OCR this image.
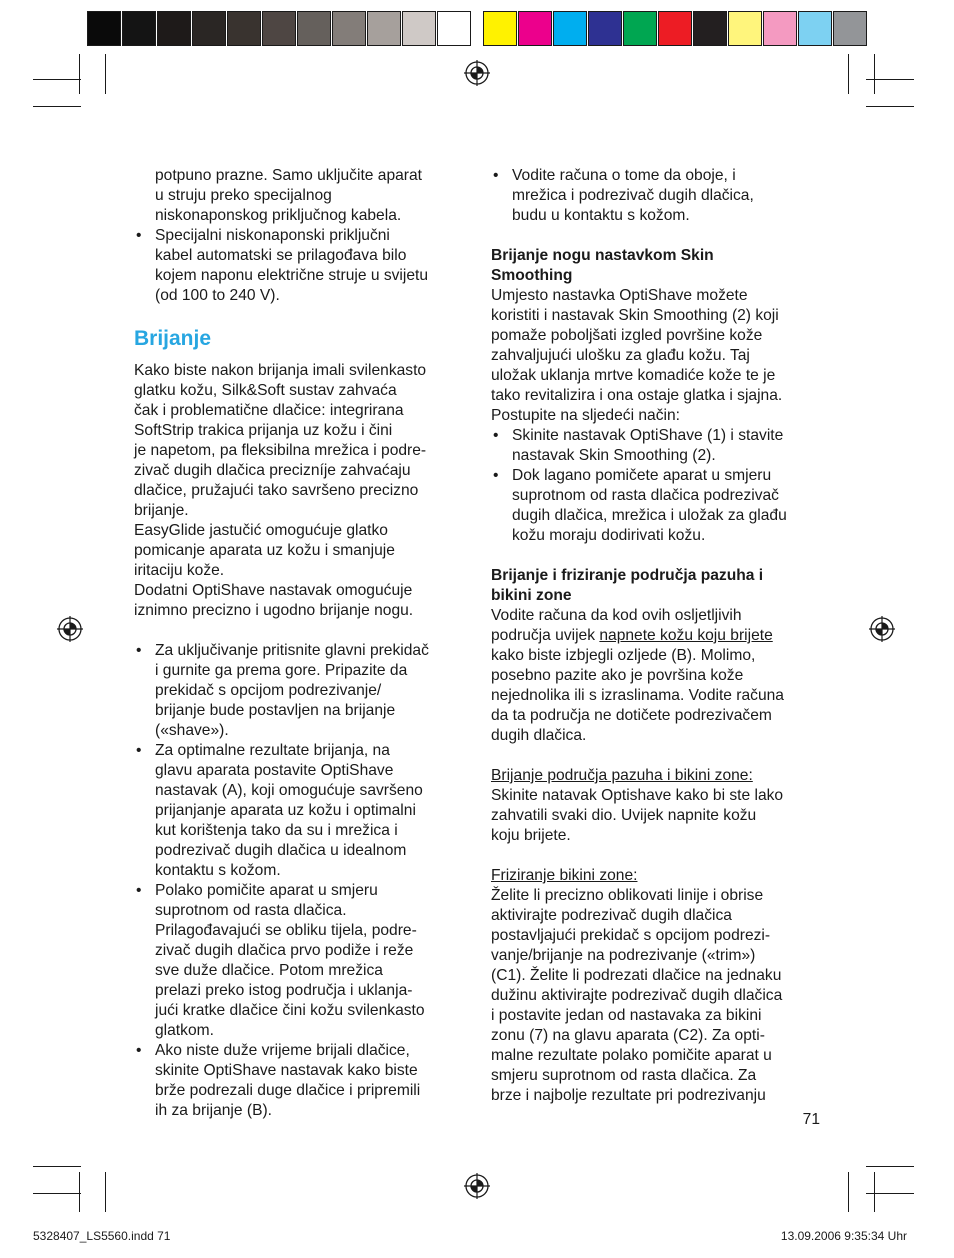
potpuno prazne. Samo uključite aparat
u struju preko specijalnog
niskonaponskog priključnog kabela.
• Specijalni niskonaponski priključni
kabel automatski se prilagođava bilo
kojem naponu električne struje u svijetu
(od 100 to 240 V).
Brijanje
Kako biste nakon brijanja imali svilenkasto
glatku kožu, Silk&Soft sustav zahvaća
čak i problematične dlačice: integrirana
SoftStrip trakica prijanja uz kožu i čini
je napetom, pa fleksibilna mrežica i podre-
zivač dugih dlačica precizníje zahvaćaju
dlačice, pružajući tako savršeno precizno
brijanje.
EasyGlide jastučić omogućuje glatko
pomicanje aparata uz kožu i smanjuje
iritaciju kože.
Dodatni OptiShave nastavak omogućuje
iznimno precizno i ugodno brijanje nogu.
• Za uključivanje pritisnite glavni prekidač
i gurnite ga prema gore. Pripazite da
prekidač s opcijom podrezivanje/
brijanje bude postavljen na brijanje
(«shave»).
• Za optimalne rezultate brijanja, na
glavu aparata postavite OptiShave
nastavak (A), koji omogućuje savršeno
prijanjanje aparata uz kožu i optimalni
kut korištenja tako da su i mrežica i
podrezivač dugih dlačica u idealnom
kontaktu s kožom.
• Polako pomičite aparat u smjeru
suprotnom od rasta dlačica.
Prilagođavajući se obliku tijela, podre-
zivač dugih dlačica prvo podiže i reže
sve duže dlačice. Potom mrežica
prelazi preko istog područja i uklanja-
jući kratke dlačice čini kožu svilenkasto
glatkom.
• Ako niste duže vrijeme brijali dlačice,
skinite OptiShave nastavak kako biste
brže podrezali duge dlačice i pripremili
ih za brijanje (B).
• Vodite računa o tome da oboje, i
mrežica i podrezivač dugih dlačica,
budu u kontaktu s kožom.
Brijanje nogu nastavkom Skin
Smoothing
Umjesto nastavka OptiShave možete
koristiti i nastavak Skin Smoothing (2) koji
pomaže poboljšati izgled površine kože
zahvaljujući ulošku za glađu kožu. Taj
uložak uklanja mrtve komadiće kože te je
tako revitalizira i ona ostaje glatka i sjajna.
Postupite na sljedeći način:
• Skinite nastavak OptiShave (1) i stavite
nastavak Skin Smoothing (2).
• Dok lagano pomičete aparat u smjeru
suprotnom od rasta dlačica podrezivač
dugih dlačica, mrežica i uložak za glađu
kožu moraju dodirivati kožu.
Brijanje i friziranje područja pazuha i
bikini zone
Vodite računa da kod ovih osljetljivih
područja uvijek napnete kožu koju brijete
kako biste izbjegli ozljede (B). Molimo,
posebno pazite ako je površina kože
nejednolika ili s izraslinama. Vodite računa
da ta područja ne dotičete podrezivačem
dugih dlačica.
Brijanje područja pazuha i bikini zone:
Skinite natavak Optishave kako bi ste lako
zahvatili svaki dio. Uvijek napnite kožu
koju brijete.
Friziranje bikini zone:
Želite li precizno oblikovati linije i obrise
aktivirajte podrezivač dugih dlačica
postavljajući prekidač s opcijom podrezi-
vanje/brijanje na podrezivanje («trim»)
(C1). Želite li podrezati dlačice na jednaku
dužinu aktivirajte podrezivač dugih dlačica
i postavite jedan od nastavaka za bikini
zonu (7) na glavu aparata (C2). Za opti-
malne rezultate polako pomičite aparat u
smjeru suprotnom od rasta dlačica. Za
brze i najbolje rezultate pri podrezivanju
71
5328407_LS5560.indd 71	13.09.2006 9:35:34 Uhr
